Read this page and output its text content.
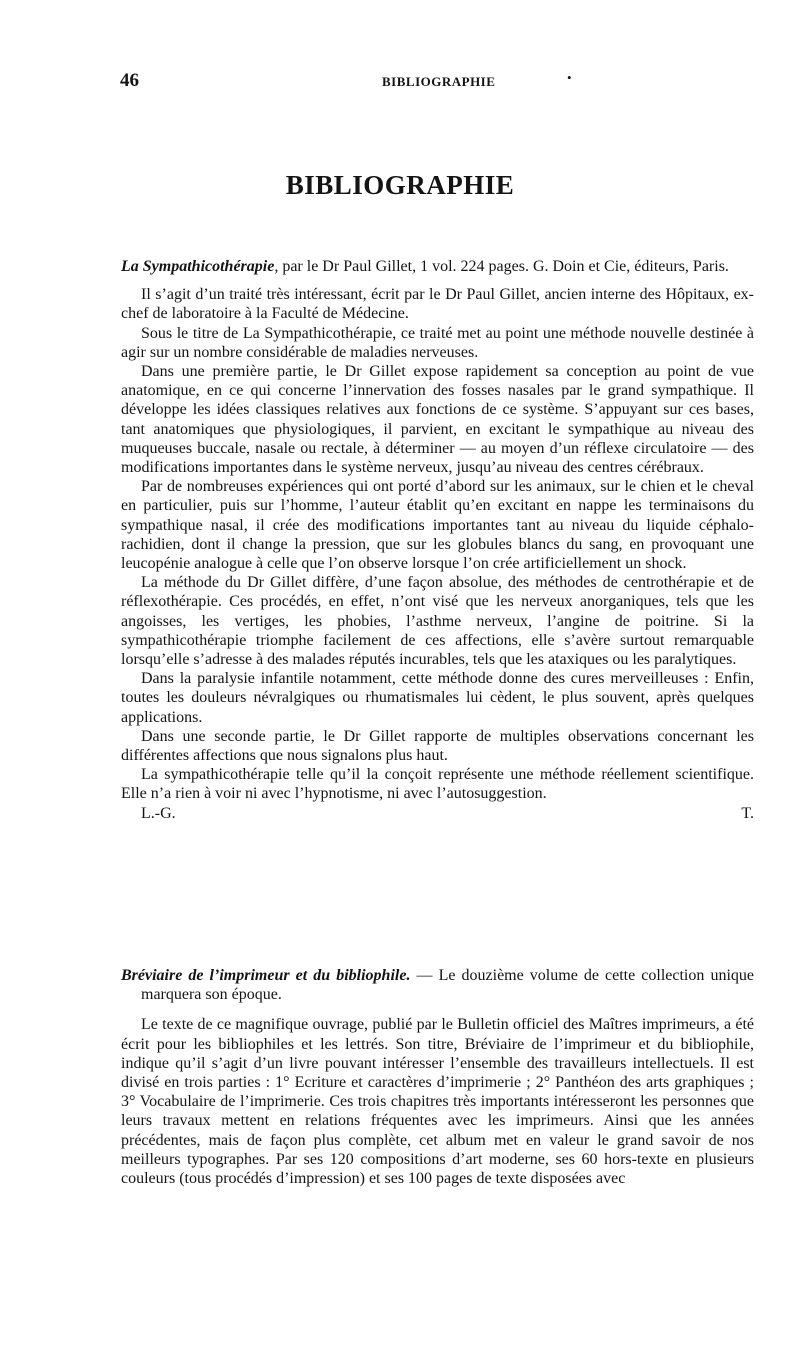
46	BIBLIOGRAPHIE	•
BIBLIOGRAPHIE

La Sympathicothérapie, par le Dr Paul Gillet, 1 vol. 224 pages. G. Doin et Cie, éditeurs, Paris.

Il s’agit d’un traité très intéressant, écrit par le Dr Paul Gillet, ancien interne des Hôpitaux, ex-chef de laboratoire à la Faculté de Médecine.

Sous le titre de La Sympathicothérapie, ce traité met au point une méthode nouvelle destinée à agir sur un nombre considérable de maladies nerveuses.

Dans une première partie, le Dr Gillet expose rapidement sa conception au point de vue anatomique, en ce qui concerne l’innervation des fosses nasales par le grand sympathique. Il développe les idées classiques relatives aux fonctions de ce système. S’appuyant sur ces bases, tant anatomiques que physiologiques, il parvient, en excitant le sympathique au niveau des muqueuses buccale, nasale ou rectale, à déterminer — au moyen d’un réflexe circulatoire — des modifications importantes dans le système nerveux, jusqu’au niveau des centres cérébraux.

Par de nombreuses expériences qui ont porté d’abord sur les animaux, sur le chien et le cheval en particulier, puis sur l’homme, l’auteur établit qu’en excitant en nappe les terminaisons du sympathique nasal, il crée des modifications importantes tant au niveau du liquide céphalo-rachidien, dont il change la pression, que sur les globules blancs du sang, en provoquant une leucopénie analogue à celle que l’on observe lorsque l’on crée artificiellement un shock.

La méthode du Dr Gillet diffère, d’une façon absolue, des méthodes de centrothérapie et de réflexothérapie. Ces procédés, en effet, n’ont visé que les nerveux anorganiques, tels que les angoisses, les vertiges, les phobies, l’asthme nerveux, l’angine de poitrine. Si la sympathicothérapie triomphe facilement de ces affections, elle s’avère surtout remarquable lorsqu’elle s’adresse à des malades réputés incurables, tels que les ataxiques ou les paralytiques.

Dans la paralysie infantile notamment, cette méthode donne des cures merveilleuses : Enfin, toutes les douleurs névralgiques ou rhumatismales lui cèdent, le plus souvent, après quelques applications.

Dans une seconde partie, le Dr Gillet rapporte de multiples observations concernant les différentes affections que nous signalons plus haut.

La sympathicothérapie telle qu’il la conçoit représente une méthode réellement scientifique. Elle n’a rien à voir ni avec l’hypnotisme, ni avec l’autosuggestion.

L.-G. T.

Bréviaire de l’imprimeur et du bibliophile. — Le douzième volume de cette collection unique marquera son époque.

Le texte de ce magnifique ouvrage, publié par le Bulletin officiel des Maîtres imprimeurs, a été écrit pour les bibliophiles et les lettrés. Son titre, Bréviaire de l’imprimeur et du bibliophile, indique qu’il s’agit d’un livre pouvant intéresser l’ensemble des travailleurs intellectuels. Il est divisé en trois parties : 1° Ecriture et caractères d’imprimerie ; 2° Panthéon des arts graphiques ; 3° Vocabulaire de l’imprimerie. Ces trois chapitres très importants intéresseront les personnes que leurs travaux mettent en relations fréquentes avec les imprimeurs. Ainsi que les années précédentes, mais de façon plus complète, cet album met en valeur le grand savoir de nos meilleurs typographes. Par ses 120 compositions d’art moderne, ses 60 hors-texte en plusieurs couleurs (tous procédés d’impression) et ses 100 pages de texte disposées avec
